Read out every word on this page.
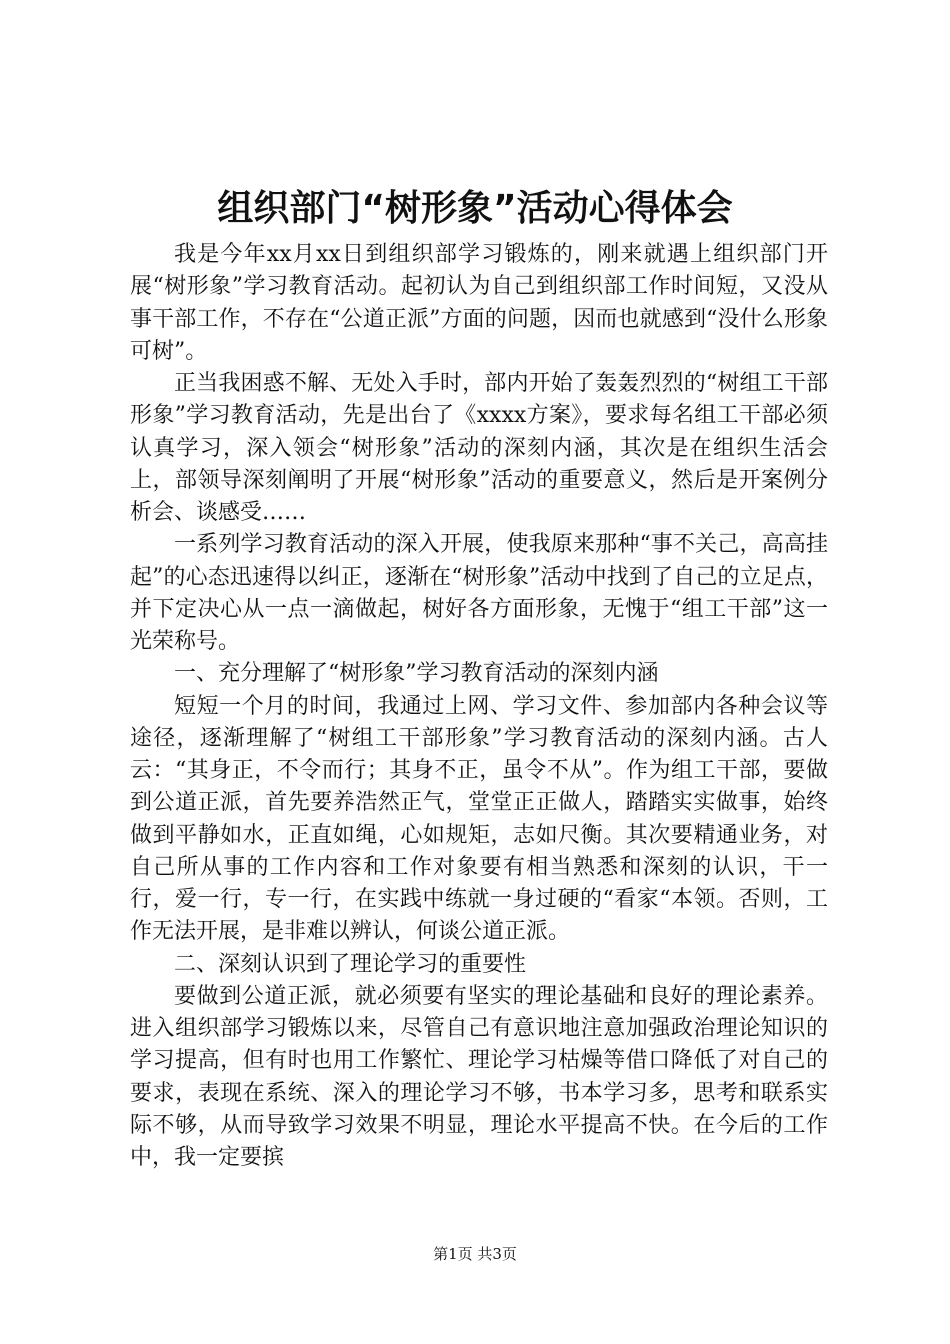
组织部门“树形象”活动心得体会

我是今年xx月xx日到组织部学习锻炼的，刚来就遇上组织部门开展“树形象”学习教育活动。起初认为自己到组织部工作时间短，又没从事干部工作，不存在“公道正派”方面的问题，因而也就感到“没什么形象可树”。

正当我困惑不解、无处入手时，部内开始了轰轰烈烈的“树组工干部形象”学习教育活动，先是出台了《xxxx方案》，要求每名组工干部必须认真学习，深入领会“树形象”活动的深刻内涵，其次是在组织生活会上，部领导深刻阐明了开展“树形象”活动的重要意义，然后是开案例分析会、谈感受……

一系列学习教育活动的深入开展，使我原来那种“事不关己，高高挂起”的心态迅速得以纠正，逐渐在“树形象”活动中找到了自己的立足点，并下定决心从一点一滴做起，树好各方面形象，无愧于“组工干部”这一光荣称号。

一、充分理解了“树形象”学习教育活动的深刻内涵

短短一个月的时间，我通过上网、学习文件、参加部内各种会议等途径，逐渐理解了“树组工干部形象”学习教育活动的深刻内涵。古人云：“其身正，不令而行；其身不正，虽令不从”。作为组工干部，要做到公道正派，首先要养浩然正气，堂堂正正做人，踏踏实实做事，始终做到平静如水，正直如绳，心如规矩，志如尺衡。其次要精通业务，对自己所从事的工作内容和工作对象要有相当熟悉和深刻的认识，干一行，爱一行，专一行，在实践中练就一身过硬的“看家“本领。否则，工作无法开展，是非难以辨认，何谈公道正派。

二、深刻认识到了理论学习的重要性

要做到公道正派，就必须要有坚实的理论基础和良好的理论素养。进入组织部学习锻炼以来，尽管自己有意识地注意加强政治理论知识的学习提高，但有时也用工作繁忙、理论学习枯燥等借口降低了对自己的要求，表现在系统、深入的理论学习不够，书本学习多，思考和联系实际不够，从而导致学习效果不明显，理论水平提高不快。在今后的工作中，我一定要摈

第1页 共3页
